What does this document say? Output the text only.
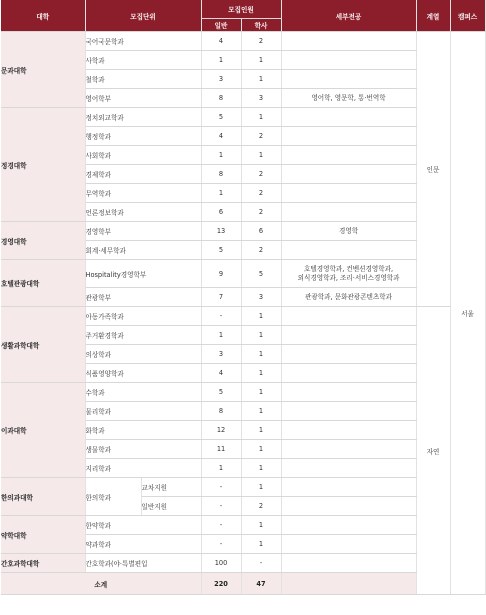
대학	모집단위		모집인원		세부전공	계열	캠퍼스
			일반	학사			
문과대학	국어국문학과		4	2		인문	서울
	사학과		1	1			
	철학과		3	1			
	영어학부		8	3	영어학, 영문학, 통·번역학		
정경대학	정치외교학과		5	1			
	행정학과		4	2			
	사회학과		1	1			
	경제학과		8	2			
	무역학과		1	2			
	언론정보학과		6	2			
경영대학	경영학부		13	6	경영학		
	회계·세무학과		5	2			
호텔관광대학	Hospitality경영학부		9	5	호텔경영학과, 컨벤션경영학과,
외식경영학과, 조리·서비스경영학과		

	관광학부		7	3	관광학과, 문화관광콘텐츠학과		
생활과학대학	아동가족학과		-	1		자연	
	주거환경학과		1	1			
	의상학과		3	1			
	식품영양학과		4	1			
이과대학	수학과		5	1			
	물리학과		8	1			
	화학과		12	1			
	생물학과		11	1			
	지리학과		1	1			
한의과대학	한의학과	교차지원	-	1			
		일반지원	-	2			
약학대학	한약학과		-	1			
	약과학과		-	1			
간호과학대학	간호학과(야·특별편입		100	-			
소계			220	47			
